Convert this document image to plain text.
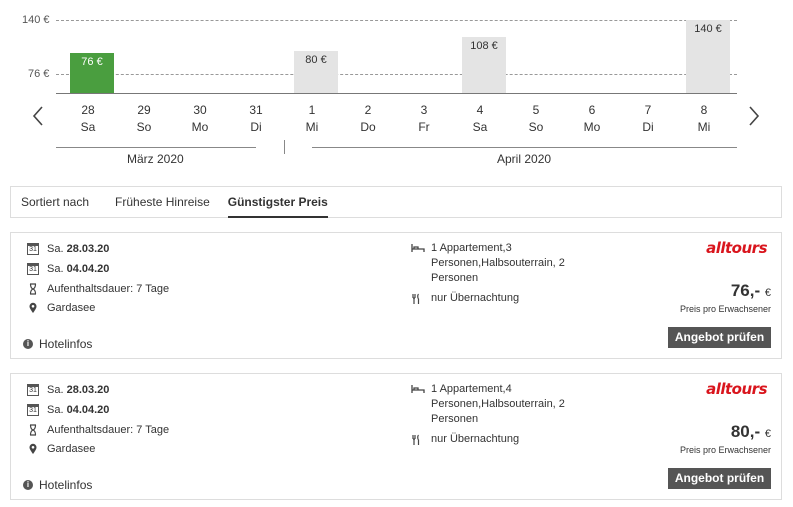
140 €
76 €
76 €	80 €
108 €
140 €
28
Sa
29
So
30
Mo
31
Di
1
Mi
2
Do
3
Fr
4
Sa
5
So
6
Mo
7
Di
8
Mi
März 2020	April 2020
Sortiert nach Früheste Hinreise Günstigster Preis
31 Sa.
28.03.20
31 Sa.
04.04.20
Aufenthaltsdauer: 7 Tage
Gardasee
1 Appartement,3 Personen,Halbsouterrain, 2 Personen
nur Übernachtung
alltours
76,- €
Preis pro Erwachsener
Angebot prüfen
i Hotelinfos
31 Sa.
28.03.20
31 Sa.
04.04.20
Aufenthaltsdauer: 7 Tage
Gardasee
1 Appartement,4 Personen,Halbsouterrain, 2 Personen
nur Übernachtung
alltours
80,- €
Preis pro Erwachsener
Angebot prüfen
i Hotelinfos
